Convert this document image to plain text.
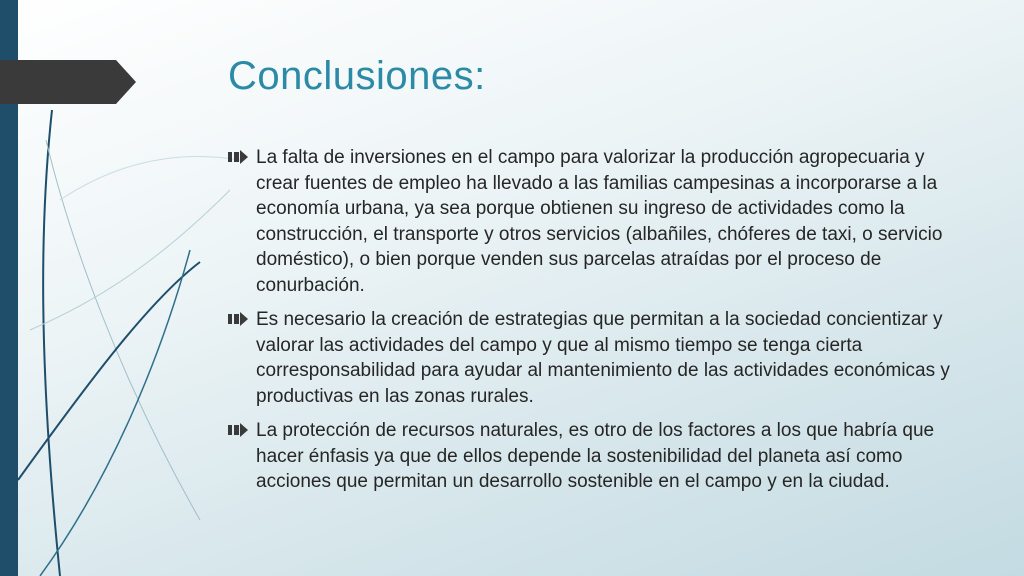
Conclusiones:
La falta de inversiones en el campo para valorizar la producción agropecuaria y crear fuentes de empleo ha llevado a las familias campesinas a incorporarse a la economía urbana, ya sea porque obtienen su ingreso de actividades como la construcción, el transporte y otros servicios (albañiles, chóferes de taxi, o servicio doméstico), o bien porque venden sus parcelas atraídas por el proceso de conurbación.
Es necesario la creación de estrategias que permitan a la sociedad concientizar y valorar las actividades del campo y que al mismo tiempo se tenga cierta corresponsabilidad para ayudar al mantenimiento de las actividades económicas y productivas en las zonas rurales.
La protección de recursos naturales, es otro de los factores a los que habría que hacer énfasis ya que de ellos depende la sostenibilidad del planeta así como acciones que permitan un desarrollo sostenible en el campo y en la ciudad.
